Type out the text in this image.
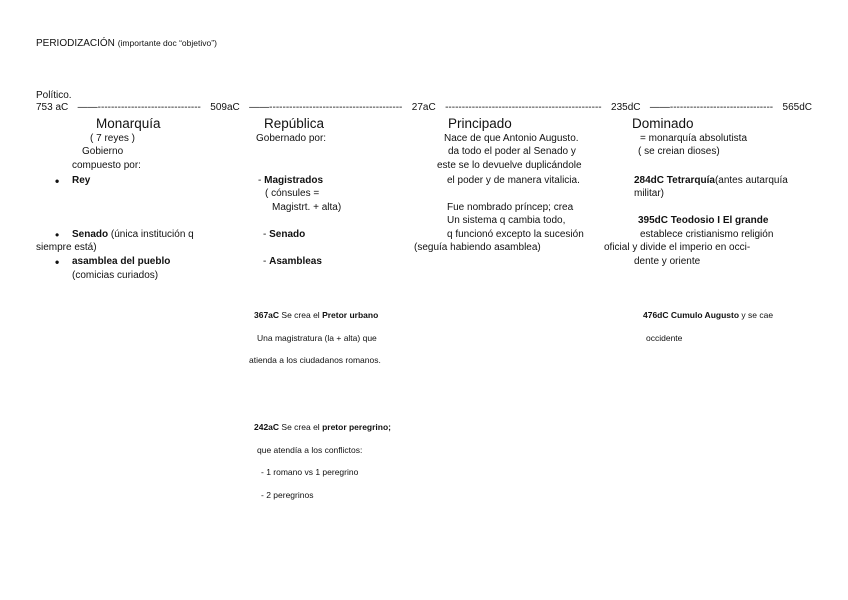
PERIODIZACIÓN (importante doc “objetivo”)
Político.
753 aC ——------------------------------- 509aC ——---------------------------------------- 27aC ----------------------------------------------- 235dC ——------------------------------- 565dC
Monarquía
( 7 reyes )
Gobierno
compuesto por:
• Rey
• Senado (única institución q
siempre está)
• asamblea del pueblo
(comicias curiados)
República
Gobernado por:
- Magistrados
( cónsules =
Magistrt. + alta)
- Senado
- Asambleas
367aC Se crea el Pretor urbano
Una magistratura (la + alta) que
atienda a los ciudadanos romanos.
242aC Se crea el pretor peregrino;
que atendía a los conflictos:
- 1 romano vs 1 peregrino
- 2 peregrinos
Principado
Nace de que Antonio Augusto.
da todo el poder al Senado y
este se lo devuelve duplicándole
el poder y de manera vitalicia.
Fue nombrado príncep; crea
Un sistema q cambia todo,
q funcionó excepto la sucesión
(seguía habiendo asamblea)
Dominado
= monarquía absolutista
( se creian dioses)
284dC Tetrarquía(antes autarquía
militar)
395dC Teodosio I El grande
establece cristianismo religión
oficial y divide el imperio en occi-
dente y oriente
476dC Cumulo Augusto y se cae
occidente
